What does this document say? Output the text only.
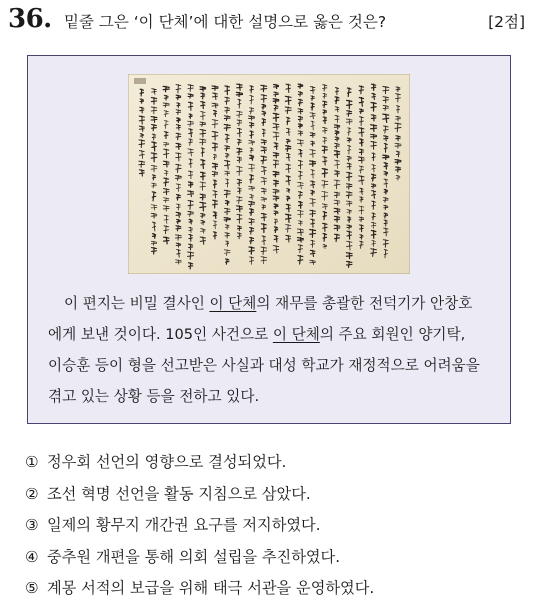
36. 밑줄 그은 ‘이 단체’에 대한 설명으로 옳은 것은?	[2점]

이 편지는 비밀 결사인 이 단체의 재무를 총괄한 전덕기가 안창호

에게 보낸 것이다. 105인 사건으로 이 단체의 주요 회원인 양기탁,

이승훈 등이 형을 선고받은 사실과 대성 학교가 재정적으로 어려움을

겪고 있는 상황 등을 전하고 있다.

① 정우회 선언의 영향으로 결성되었다.
② 조선 혁명 선언을 활동 지침으로 삼았다.
③ 일제의 황무지 개간권 요구를 저지하였다.
④ 중추원 개편을 통해 의회 설립을 추진하였다.
⑤ 계몽 서적의 보급을 위해 태극 서관을 운영하였다.
